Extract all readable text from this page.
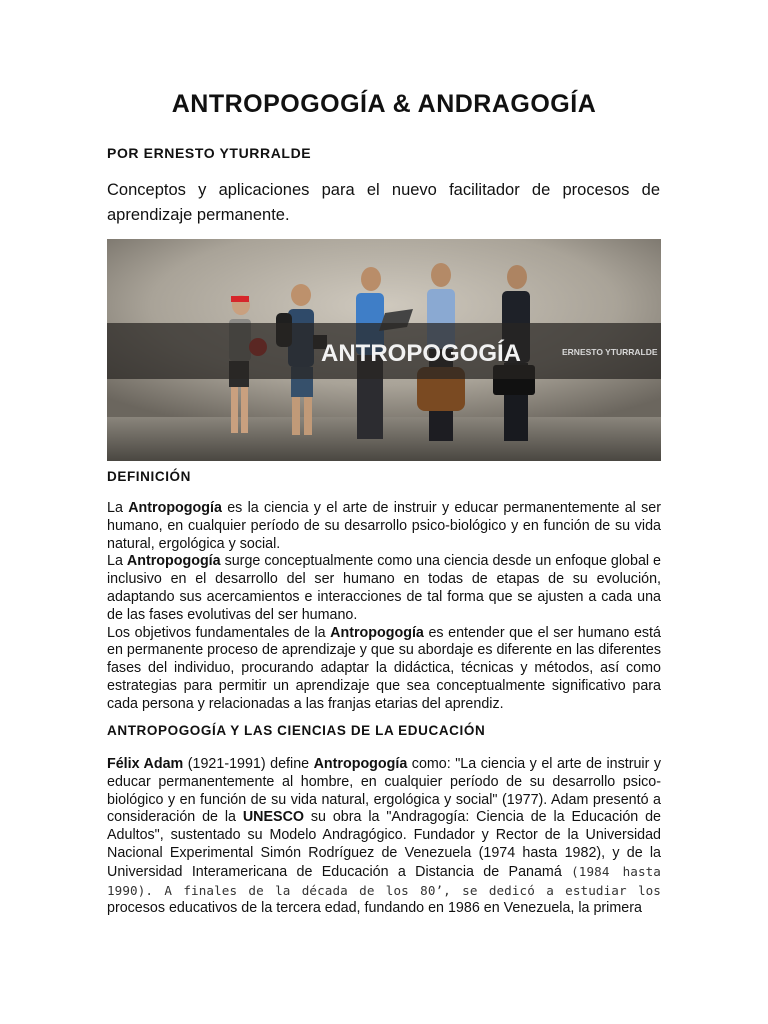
ANTROPOGOGÍA & ANDRAGOGÍA

POR ERNESTO YTURRALDE

Conceptos y aplicaciones para el nuevo facilitador de procesos de aprendizaje permanente.

ANTROPOGOGÍA	ERNESTO YTURRALDE
DEFINICIÓN

La Antropogogía es la ciencia y el arte de instruir y educar permanentemente al ser humano, en cualquier período de su desarrollo psico-biológico y en función de su vida natural, ergológica y social.

La Antropogogía surge conceptualmente como una ciencia desde un enfoque global e inclusivo en el desarrollo del ser humano en todas de etapas de su evolución, adaptando sus acercamientos e interacciones de tal forma que se ajusten a cada una de las fases evolutivas del ser humano.

Los objetivos fundamentales de la Antropogogía es entender que el ser humano está en permanente proceso de aprendizaje y que su abordaje es diferente en las diferentes fases del individuo, procurando adaptar la didáctica, técnicas y métodos, así como estrategias para permitir un aprendizaje que sea conceptualmente significativo para cada persona y relacionadas a las franjas etarias del aprendiz.

ANTROPOGOGÍA Y LAS CIENCIAS DE LA EDUCACIÓN

Félix Adam (1921-1991) define Antropogogía como: "La ciencia y el arte de instruir y educar permanentemente al hombre, en cualquier período de su desarrollo psico-biológico y en función de su vida natural, ergológica y social" (1977). Adam presentó a consideración de la UNESCO su obra la "Andragogía: Ciencia de la Educación de Adultos", sustentado su Modelo Andragógico. Fundador y Rector de la Universidad Nacional Experimental Simón Rodríguez de Venezuela (1974 hasta 1982), y de la Universidad Interamericana de Educación a Distancia de Panamá (1984 hasta 1990). A finales de la década de los 80’, se dedicó a estudiar los procesos educativos de la tercera edad, fundando en 1986 en Venezuela, la primera
